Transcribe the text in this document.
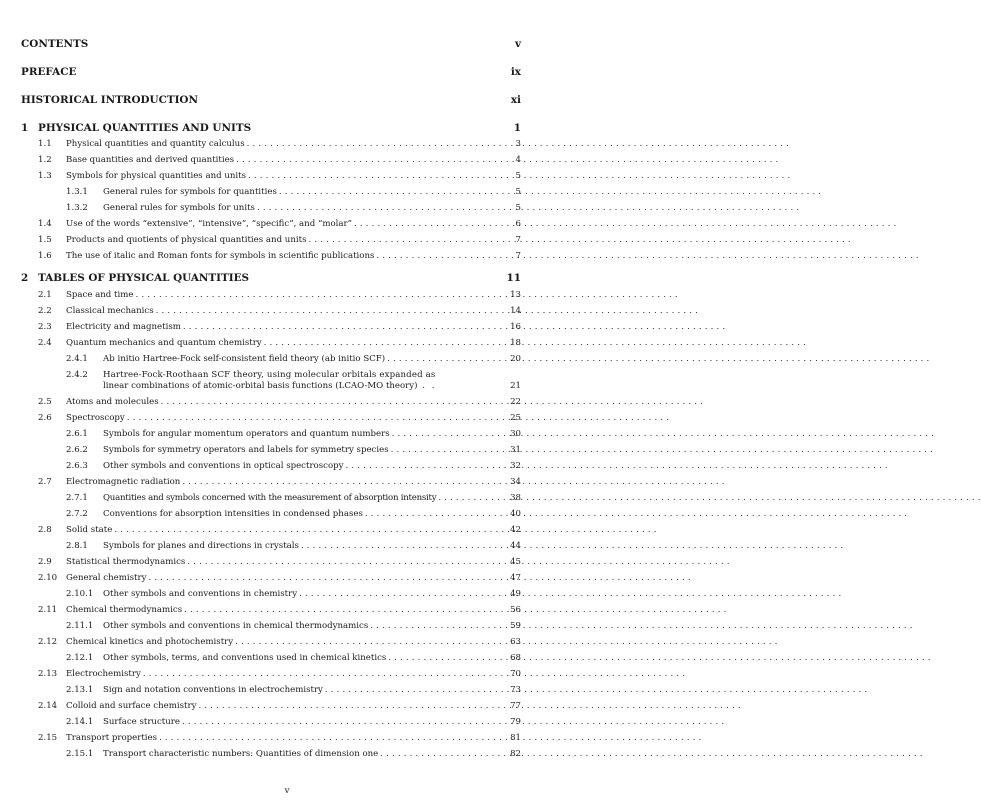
CONTENTS	v
PREFACE	ix
HISTORICAL INTRODUCTION	xi
1 PHYSICAL QUANTITIES AND UNITS	1
1.1	Physical quantities and quantity calculus . . .	3
1.2	Base quantities and derived quantities . . .	4
1.3	Symbols for physical quantities and units . . .	5
1.3.1	General rules for symbols for quantities . . .	5
1.3.2	General rules for symbols for units . . .	5
1.4	Use of the words “extensive”, “intensive”, “specific”, and “molar” . . .	6
1.5	Products and quotients of physical quantities and units . . .	7
1.6	The use of italic and Roman fonts for symbols in scientific publications . . .	7
2 TABLES OF PHYSICAL QUANTITIES	11
2.1	Space and time . . .	13
2.2	Classical mechanics . . .	14
2.3	Electricity and magnetism . . .	16
2.4	Quantum mechanics and quantum chemistry . . .	18
2.4.1	Ab initio Hartree-Fock self-consistent field theory (ab initio SCF) . . .	20
2.4.2 Hartree-Fock-Roothaan SCF theory, using molecular orbitals expanded as
linear combinations of atomic-orbital basis functions (LCAO-MO theory) . .	21
2.5	Atoms and molecules . . .	22
2.6	Spectroscopy . . .	25
2.6.1	Symbols for angular momentum operators and quantum numbers . . .	30
2.6.2	Symbols for symmetry operators and labels for symmetry species . . .	31
2.6.3	Other symbols and conventions in optical spectroscopy . . .	32
2.7	Electromagnetic radiation . . .	34
2.7.1	Quantities and symbols concerned with the measurement of absorption intensity . . .	38
2.7.2	Conventions for absorption intensities in condensed phases . . .	40
2.8	Solid state . . .	42
2.8.1	Symbols for planes and directions in crystals . . .	44
2.9	Statistical thermodynamics . . .	45
2.10	General chemistry . . .	47
2.10.1	Other symbols and conventions in chemistry . . .	49
2.11	Chemical thermodynamics . . .	56
2.11.1	Other symbols and conventions in chemical thermodynamics . . .	59
2.12	Chemical kinetics and photochemistry . . .	63
2.12.1	Other symbols, terms, and conventions used in chemical kinetics . . .	68
2.13	Electrochemistry . . .	70
2.13.1	Sign and notation conventions in electrochemistry . . .	73
2.14	Colloid and surface chemistry . . .	77
2.14.1	Surface structure . . .	79
2.15	Transport properties . . .	81
2.15.1	Transport characteristic numbers: Quantities of dimension one . . .	82
v
